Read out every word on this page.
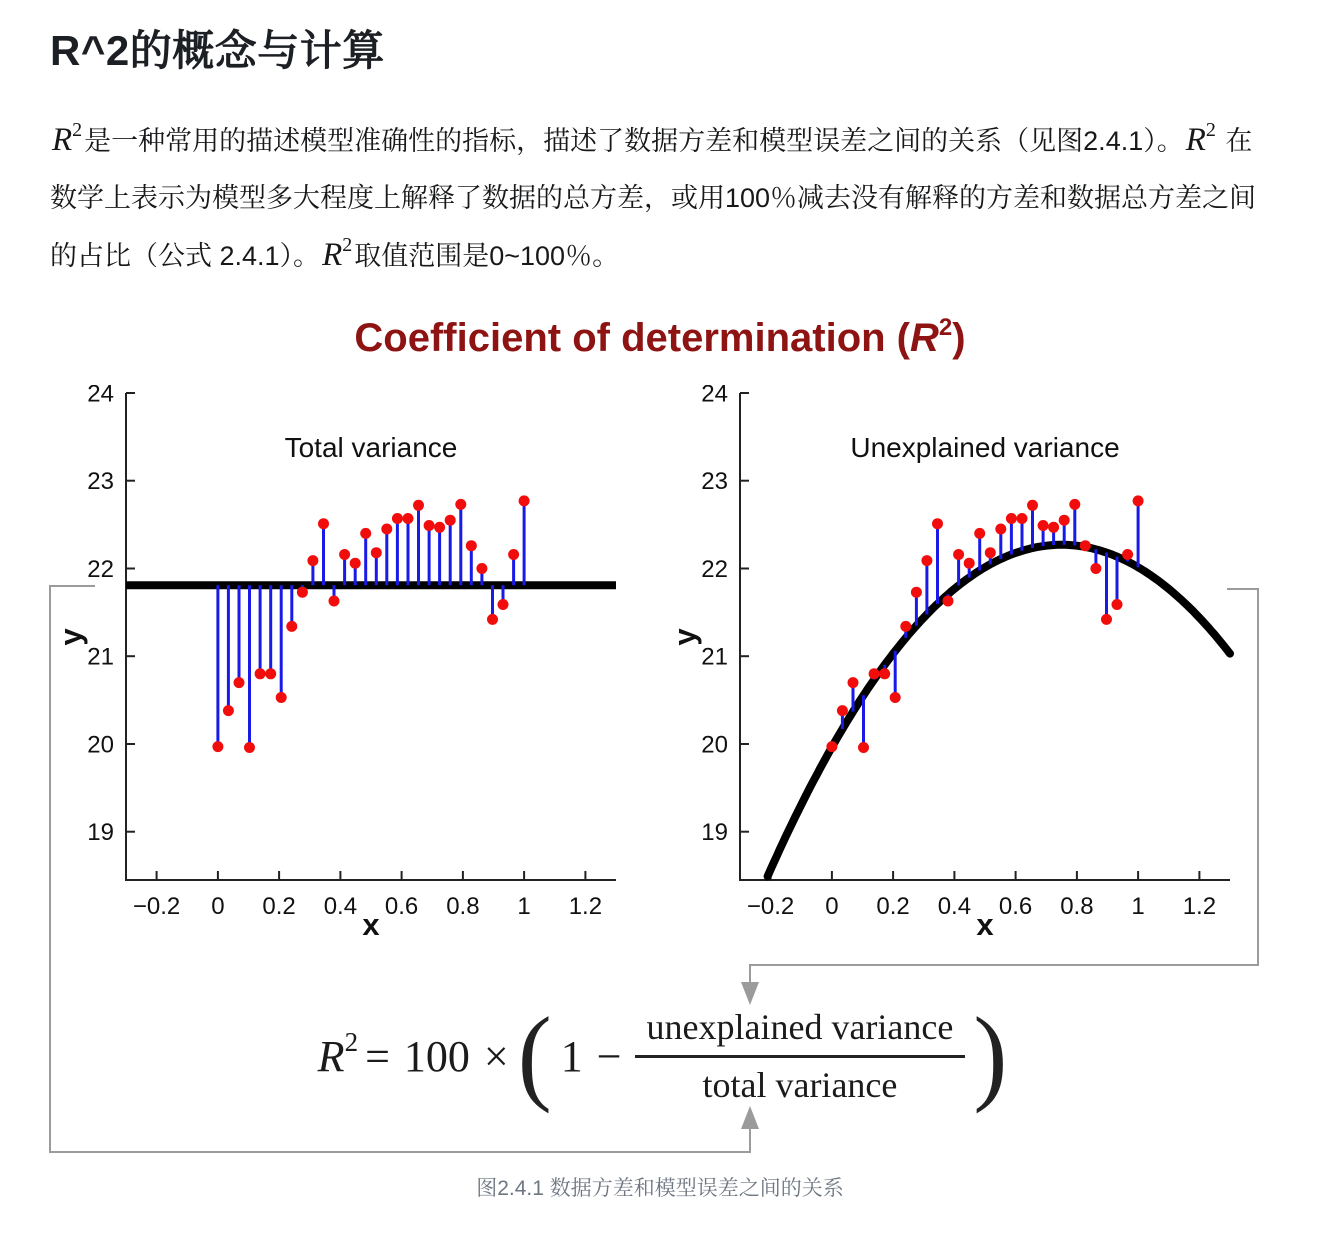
R^2的概念与计算
$R^2$是一种常用的描述模型准确性的指标，描述了数据方差和模型误差之间的关系（见图2.4.1）。$R^2$ 在数学上表示为模型多大程度上解释了数据的总方差，或用100％减去没有解释的方差和数据总方差之间的占比（公式 2.4.1）。$R^2$取值范围是0~100％。
Coefficient of determination $(R^2)$
19
20
21
22
23
24
−0.2 0 0.2 0.4 0.6 0.8 1 1.2
Total variance
y
x
19
20
21
22
23
24
−0.2 0 0.2 0.4 0.6 0.8 1 1.2
Unexplained variance
y
x
$R^2 = 100$ × ( $1 - \frac{\text{unexplained variance}}{\text{total variance}}$ )
图2.4.1 数据方差和模型误差之间的关系
